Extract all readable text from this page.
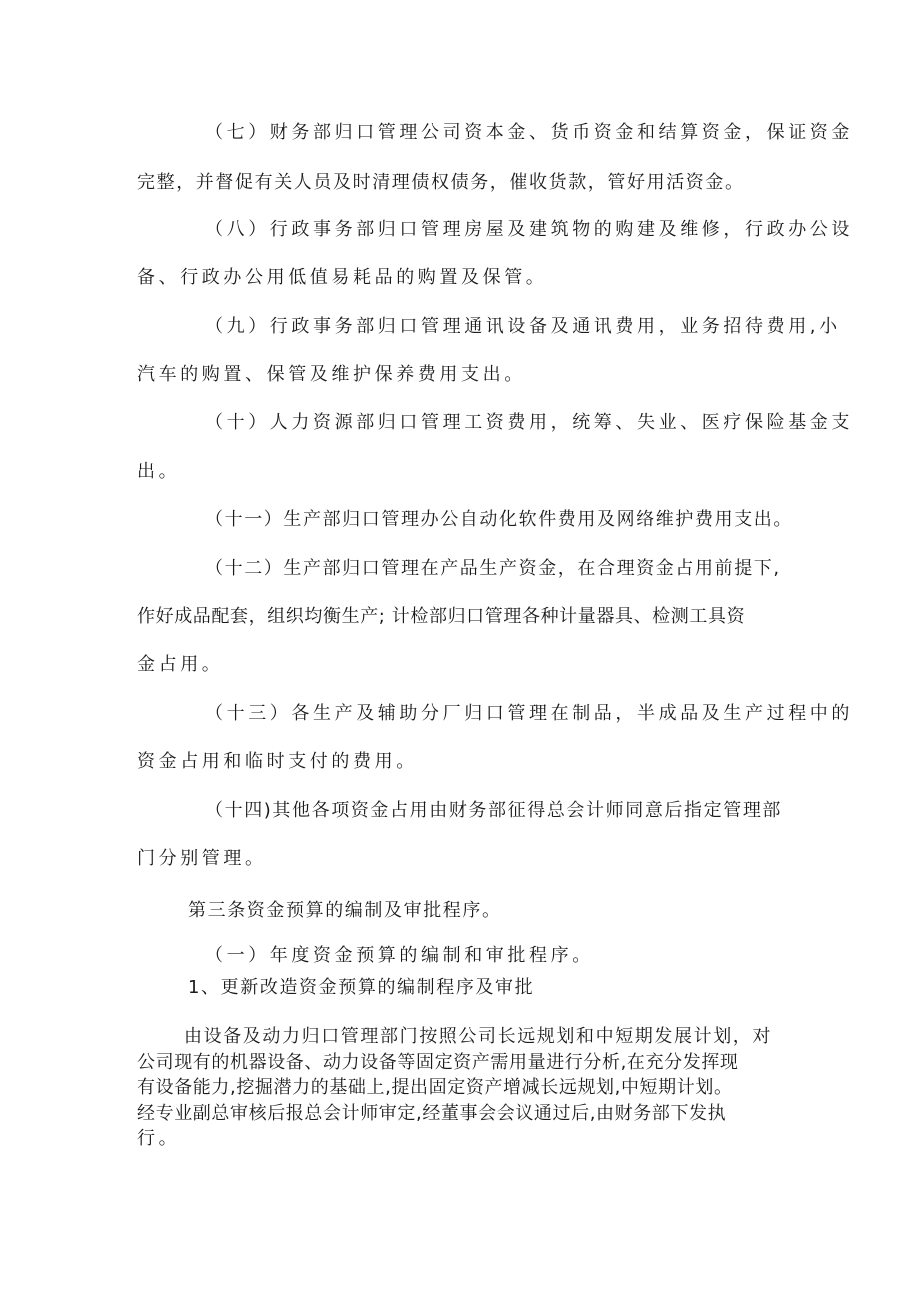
（七）财务部归口管理公司资本金、货币资金和结算资金，保证资金
完整，并督促有关人员及时清理债权债务，催收货款，管好用活资金。
（八）行政事务部归口管理房屋及建筑物的购建及维修，行政办公设
备、行政办公用低值易耗品的购置及保管。
（九）行政事务部归口管理通讯设备及通讯费用，业务招待费用,小
汽车的购置、保管及维护保养费用支出。
（十）人力资源部归口管理工资费用，统筹、失业、医疗保险基金支
出。
（十一）生产部归口管理办公自动化软件费用及网络维护费用支出。
（十二）生产部归口管理在产品生产资金，在合理资金占用前提下,
作好成品配套，组织均衡生产; 计检部归口管理各种计量器具、检测工具资
金占用。
（十三）各生产及辅助分厂归口管理在制品，半成品及生产过程中的
资金占用和临时支付的费用。
（十四)其他各项资金占用由财务部征得总会计师同意后指定管理部
门分别管理。
第三条资金预算的编制及审批程序。
（一）年度资金预算的编制和审批程序。
1、更新改造资金预算的编制程序及审批
由设备及动力归口管理部门按照公司长远规划和中短期发展计划，对
公司现有的机器设备、动力设备等固定资产需用量进行分析,在充分发挥现
有设备能力,挖掘潜力的基础上,提出固定资产增减长远规划,中短期计划。
经专业副总审核后报总会计师审定,经董事会会议通过后,由财务部下发执
行。
